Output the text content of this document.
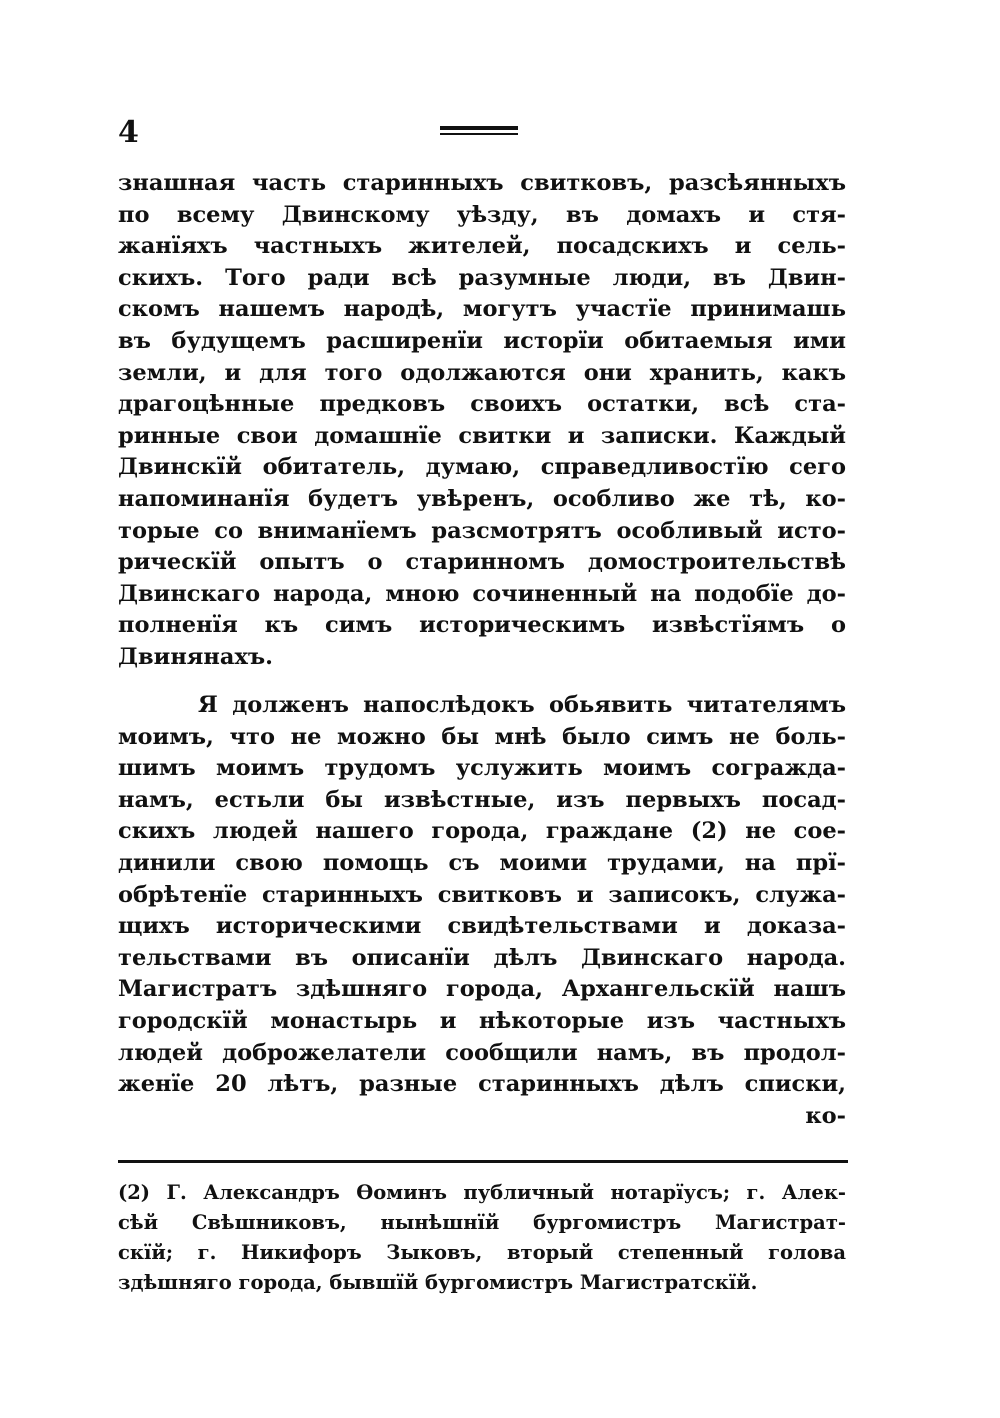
4
знашная часть старинныхъ свитковъ, разсѣянныхъ
по всему Двинскому уѣзду, въ домахъ и стя-
жанїяхъ частныхъ жителей, посадскихъ и сель-
скихъ. Того ради всѣ разумные люди, въ Двин-
скомъ нашемъ народѣ, могутъ участїе принимашь
въ будущемъ расширенїи исторїи обитаемыя ими
земли, и для того одолжаются они хранить, какъ
драгоцѣнные предковъ своихъ остатки, всѣ ста-
ринные свои домашнїе свитки и записки. Каждый
Двинскїй обитатель, думаю, справедливостїю сего
напоминанїя будетъ увѣренъ, особливо же тѣ, ко-
торые со вниманїемъ разсмотрятъ особливый исто-
рическїй опытъ о старинномъ домостроительствѣ
Двинскаго народа, мною сочиненный на подобїе до-
полненїя къ симъ историческимъ извѣстїямъ о
Двинянахъ.
Я долженъ напослѣдокъ обьявить читателямъ
моимъ, что не можно бы мнѣ было симъ не боль-
шимъ моимъ трудомъ услужить моимъ сограждa-
намъ, естьли бы извѣстные, изъ первыхъ посад-
скихъ людей нашего города, граждане (2) не сое-
динили свою помощь съ моими трудами, на прї-
обрѣтенїе старинныхъ свитковъ и записокъ, служа-
щихъ историческими свидѣтельствами и доказа-
тельствами въ описанїи дѣлъ Двинскаго народа.
Магистратъ здѣшняго города, Архангельскїй нашъ
городскїй монастырь и нѣкоторые изъ частныхъ
людей доброжелатели сообщили намъ, въ продол-
женїе 20 лѣтъ, разные старинныхъ дѣлъ списки,
ко-
(2) Г. Александръ Ѳоминъ публичный нотарїусъ; г. Алек-
сѣй Свѣшниковъ, нынѣшнїй бургомистръ Магистрат-
скїй; г. Никифоръ Зыковъ, вторый степенный голова
здѣшняго города, бывшїй бургомистръ Магистратскїй.
